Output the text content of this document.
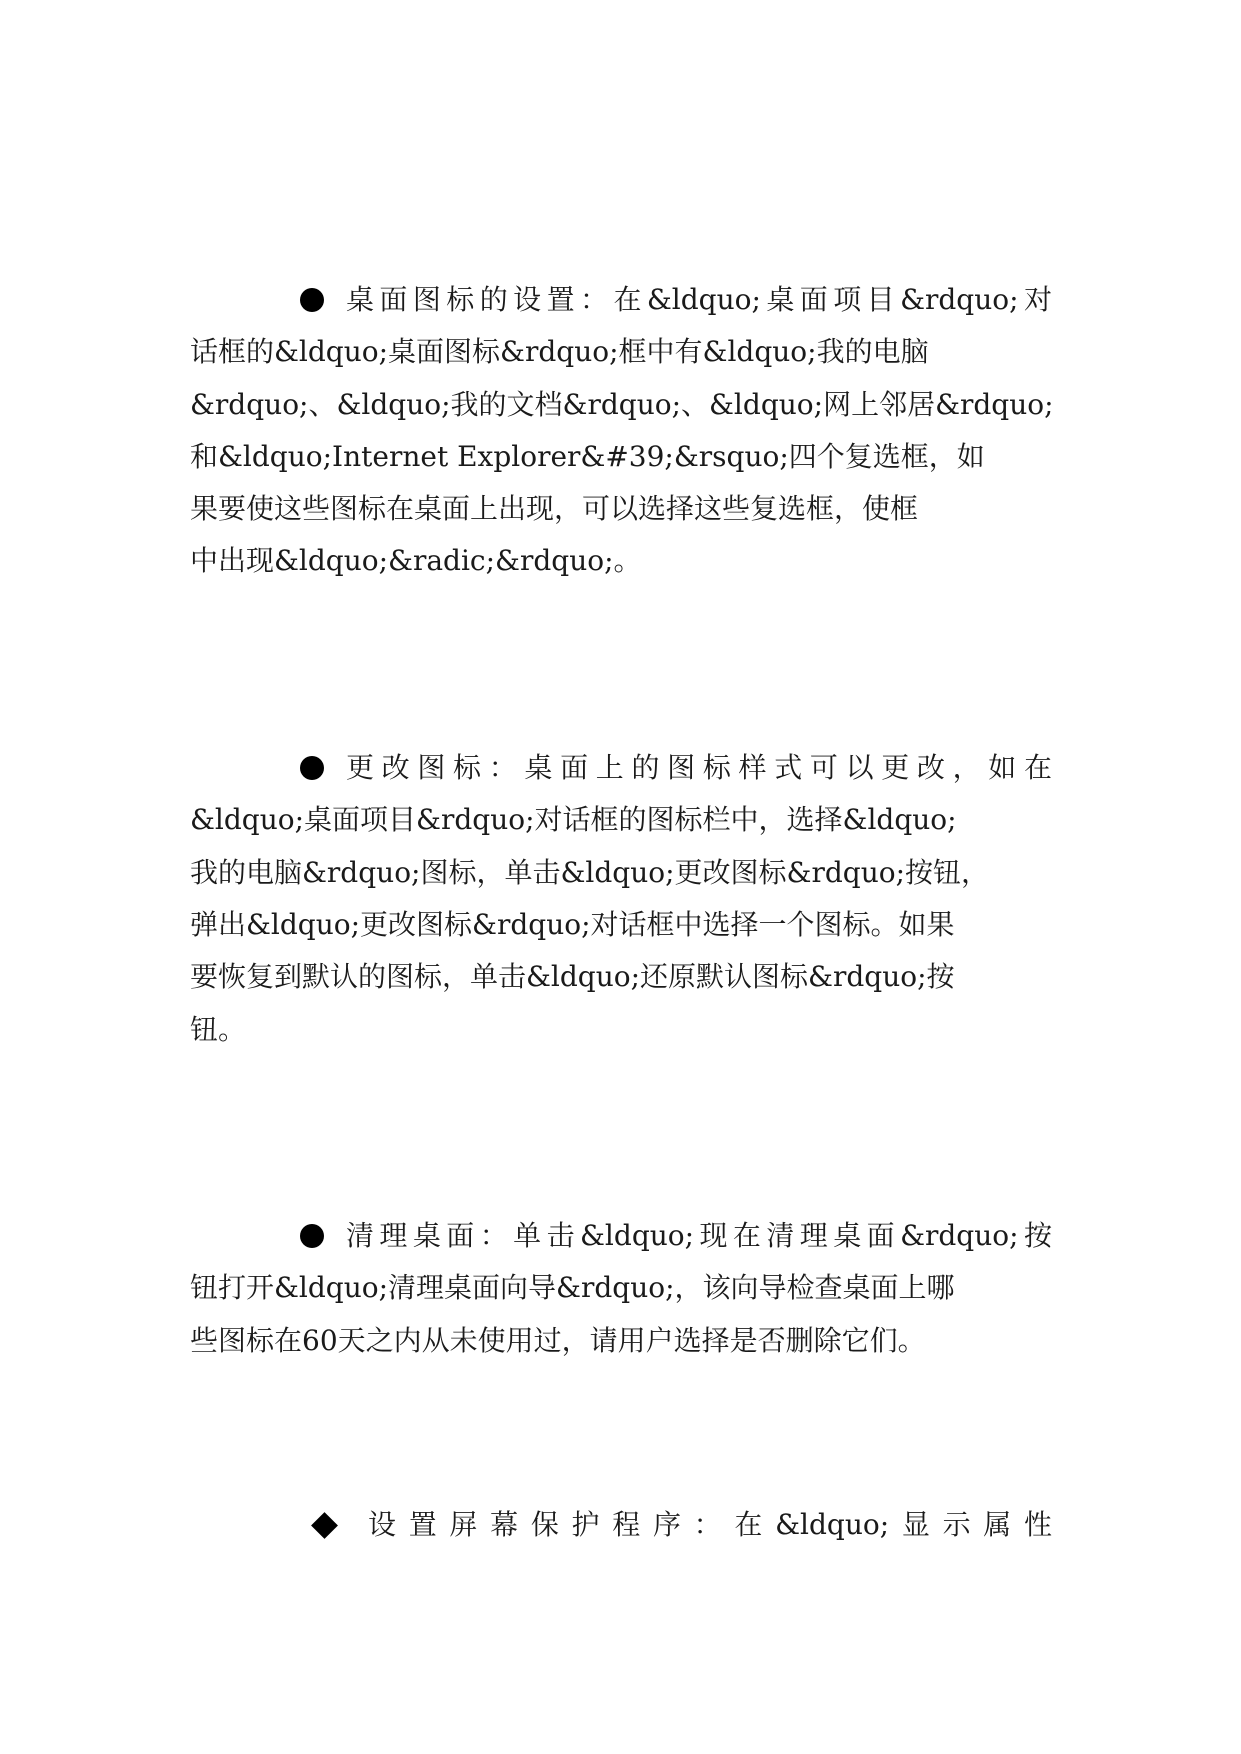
桌面图标的设置：在&ldquo;桌面项目&rdquo;对
话框的&ldquo;桌面图标&rdquo;框中有&ldquo;我的电脑
&rdquo;、&ldquo;我的文档&rdquo;、&ldquo;网上邻居&rdquo;
和&ldquo;Internet Explorer&#39;&rsquo;四个复选框，如
果要使这些图标在桌面上出现，可以选择这些复选框，使框
中出现&ldquo;&radic;&rdquo;。
更改图标：桌面上的图标样式可以更改，如在
&ldquo;桌面项目&rdquo;对话框的图标栏中，选择&ldquo;
我的电脑&rdquo;图标，单击&ldquo;更改图标&rdquo;按钮，
弹出&ldquo;更改图标&rdquo;对话框中选择一个图标。如果
要恢复到默认的图标，单击&ldquo;还原默认图标&rdquo;按
钮。
清理桌面：单击&ldquo;现在清理桌面&rdquo;按
钮打开&ldquo;清理桌面向导&rdquo;，该向导检查桌面上哪
些图标在60天之内从未使用过，请用户选择是否删除它们。
设置屏幕保护程序：在&ldquo;显示属性
